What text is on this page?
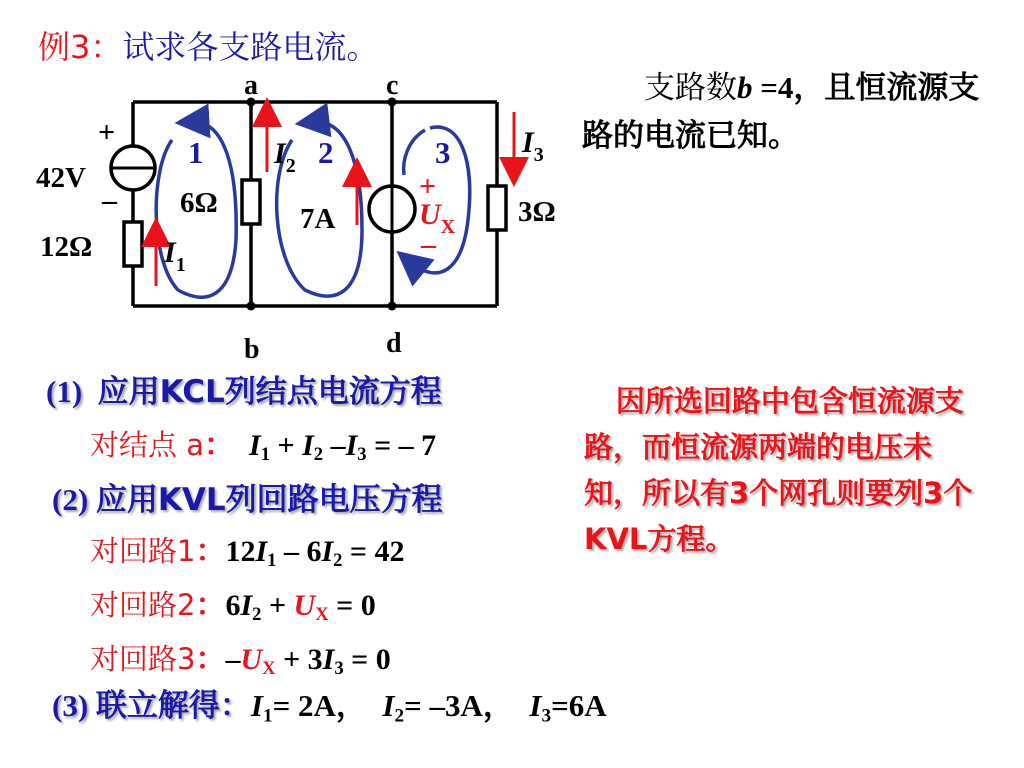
例3：试求各支路电流。
支路数b =4，且恒流源支路的电流已知。
a	c
b	d
+
42V
–
12Ω
6Ω	3Ω
7A
1	2	3
$I_1$
$I_2$
$I_3$
+
$U_X$
–
(1) 应用KCL列结点电流方程
对结点 a： $I_1 + I_2$ $-I_3$ = – 7
(2) 应用KVL列回路电压方程
对回路1：$12I_1 - 6I_2 = 42$
对回路2：$6I_2 + U_X = 0$
对回路3：$-U_X + 3I_3 = 0$
(3) 联立解得：$I_1= 2A$， $I_2= -3A$， $I_3=6A$
因所选回路中包含恒流源支路，而恒流源两端的电压未知，所以有3个网孔则要列3个KVL方程。
